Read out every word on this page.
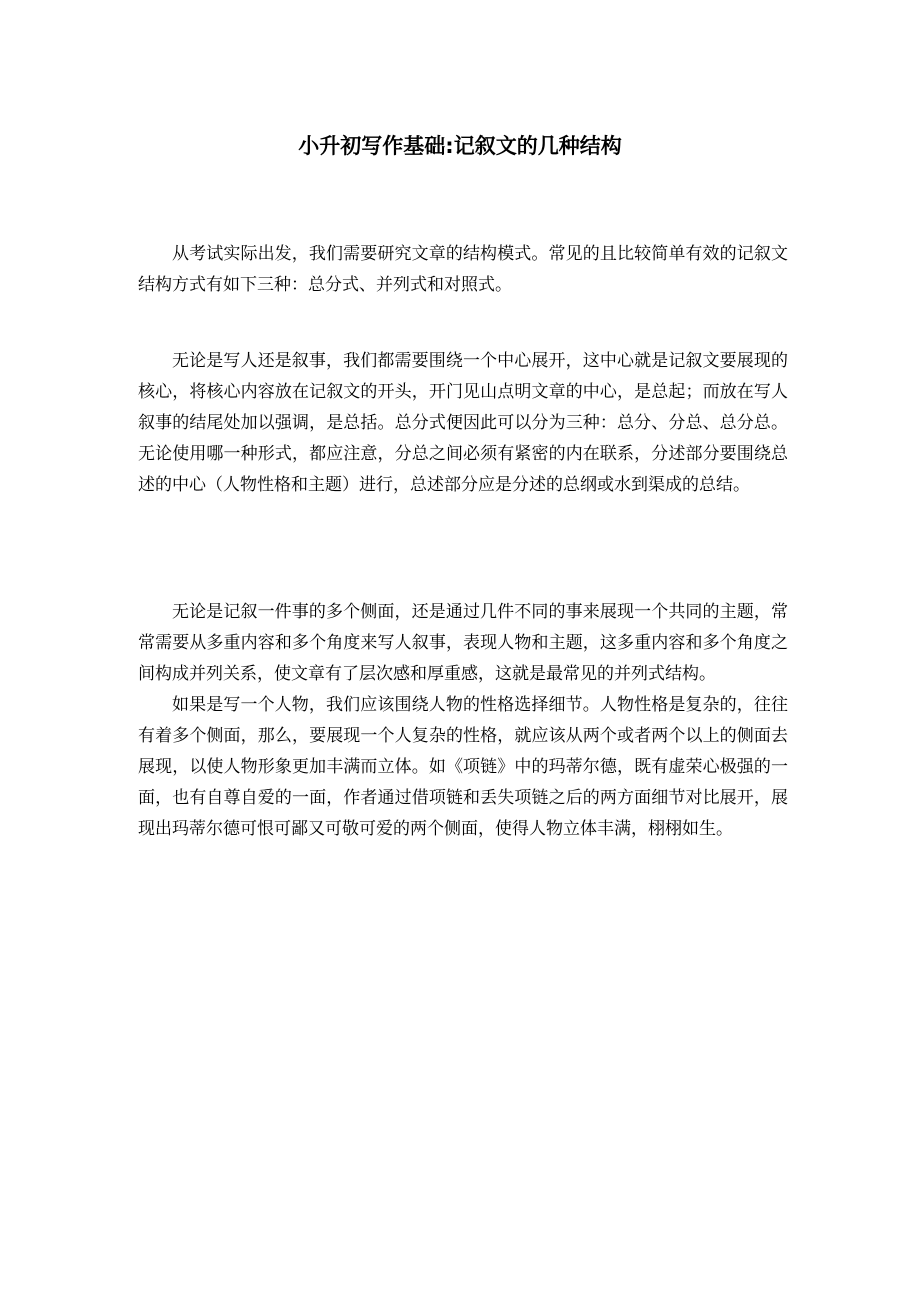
小升初写作基础:记叙文的几种结构

从考试实际出发，我们需要研究文章的结构模式。常见的且比较简单有效的记叙文结构方式有如下三种：总分式、并列式和对照式。

无论是写人还是叙事，我们都需要围绕一个中心展开，这中心就是记叙文要展现的核心，将核心内容放在记叙文的开头，开门见山点明文章的中心，是总起；而放在写人叙事的结尾处加以强调，是总括。总分式便因此可以分为三种：总分、分总、总分总。无论使用哪一种形式，都应注意，分总之间必须有紧密的内在联系，分述部分要围绕总述的中心（人物性格和主题）进行，总述部分应是分述的总纲或水到渠成的总结。

无论是记叙一件事的多个侧面，还是通过几件不同的事来展现一个共同的主题，常常需要从多重内容和多个角度来写人叙事，表现人物和主题，这多重内容和多个角度之间构成并列关系，使文章有了层次感和厚重感，这就是最常见的并列式结构。

如果是写一个人物，我们应该围绕人物的性格选择细节。人物性格是复杂的，往往有着多个侧面，那么，要展现一个人复杂的性格，就应该从两个或者两个以上的侧面去展现，以使人物形象更加丰满而立体。如《项链》中的玛蒂尔德，既有虚荣心极强的一面，也有自尊自爱的一面，作者通过借项链和丢失项链之后的两方面细节对比展开，展现出玛蒂尔德可恨可鄙又可敬可爱的两个侧面，使得人物立体丰满，栩栩如生。
